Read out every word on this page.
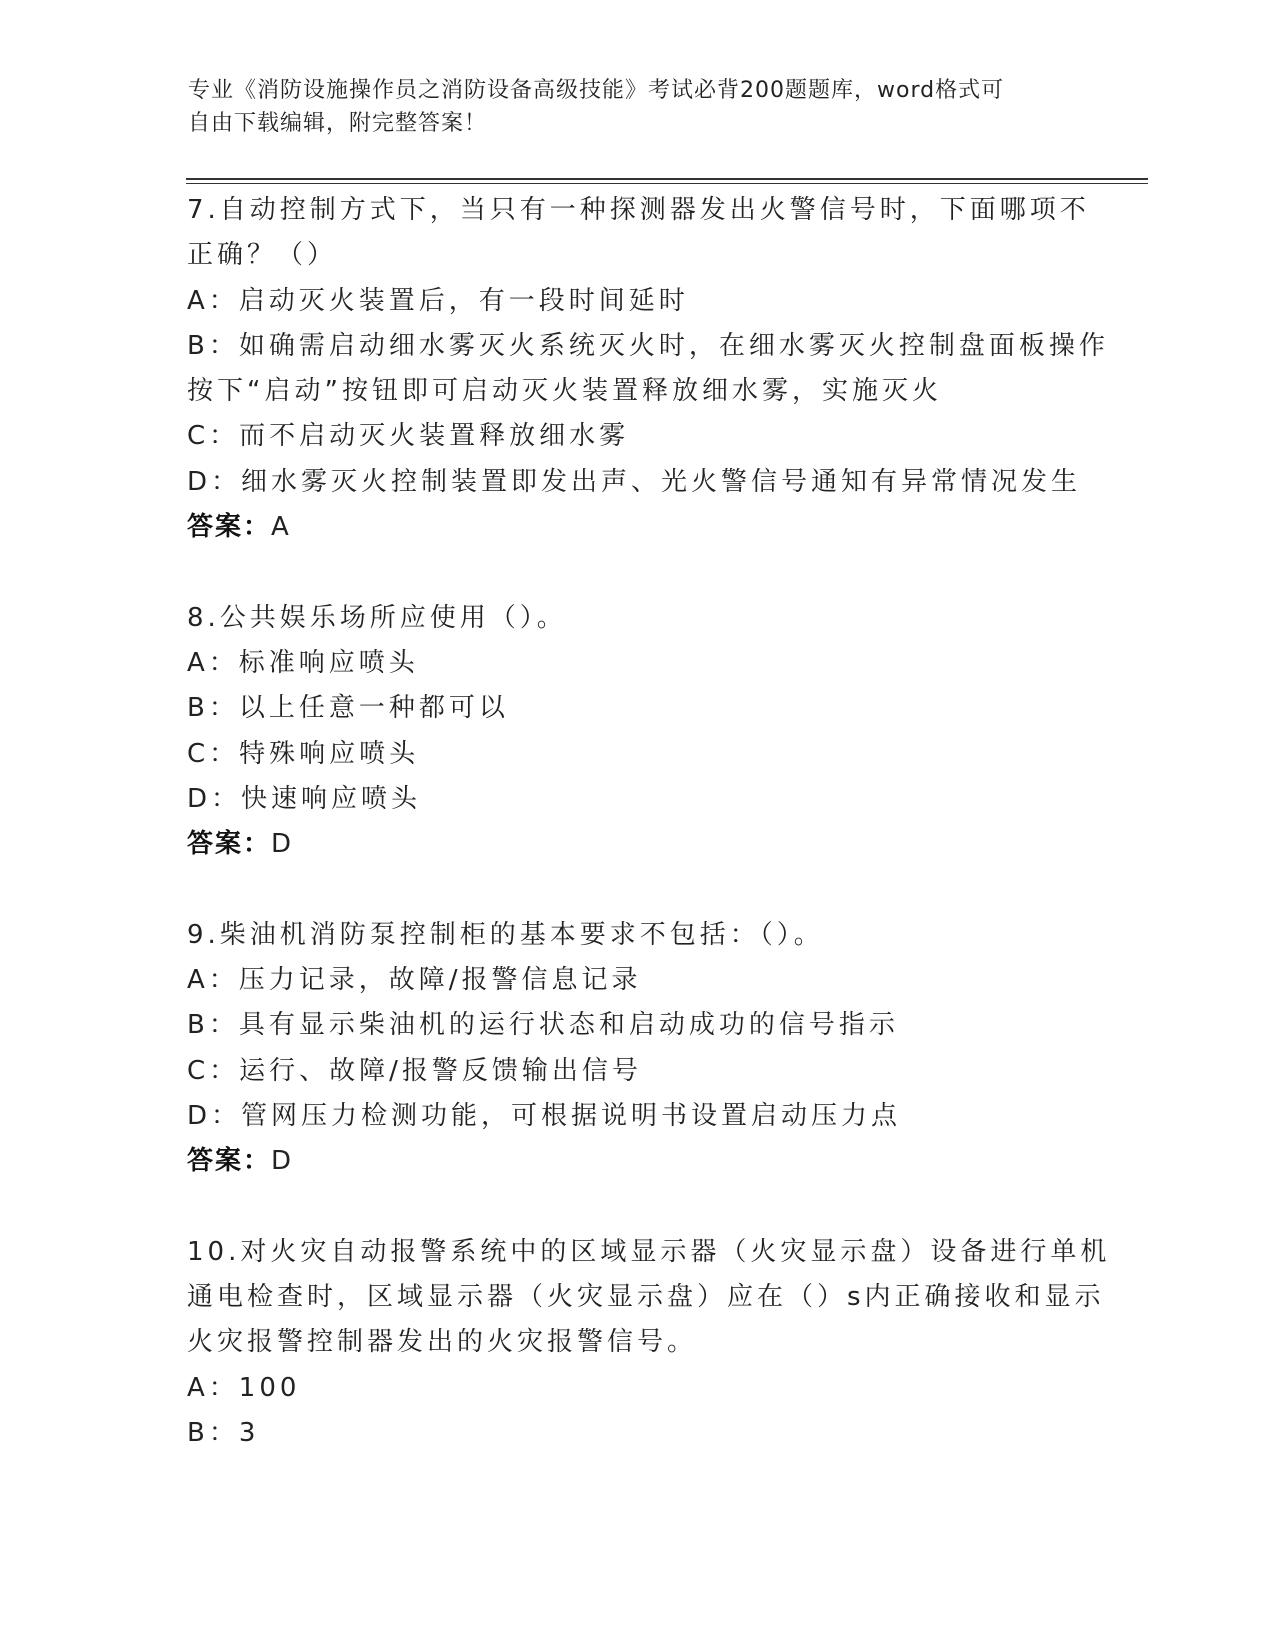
专业《消防设施操作员之消防设备高级技能》考试必背200题题库，word格式可
自由下载编辑，附完整答案！
7.自动控制方式下，当只有一种探测器发出火警信号时，下面哪项不
正确？（）
A：启动灭火装置后，有一段时间延时
B：如确需启动细水雾灭火系统灭火时，在细水雾灭火控制盘面板操作
按下“启动”按钮即可启动灭火装置释放细水雾，实施灭火
C：而不启动灭火装置释放细水雾
D：细水雾灭火控制装置即发出声、光火警信号通知有异常情况发生
答案：A
8.公共娱乐场所应使用（）。
A：标准响应喷头
B：以上任意一种都可以
C：特殊响应喷头
D：快速响应喷头
答案：D
9.柴油机消防泵控制柜的基本要求不包括：（）。
A：压力记录，故障/报警信息记录
B：具有显示柴油机的运行状态和启动成功的信号指示
C：运行、故障/报警反馈输出信号
D：管网压力检测功能，可根据说明书设置启动压力点
答案：D
10.对火灾自动报警系统中的区域显示器（火灾显示盘）设备进行单机
通电检查时，区域显示器（火灾显示盘）应在（）s内正确接收和显示
火灾报警控制器发出的火灾报警信号。
A：100
B：3
